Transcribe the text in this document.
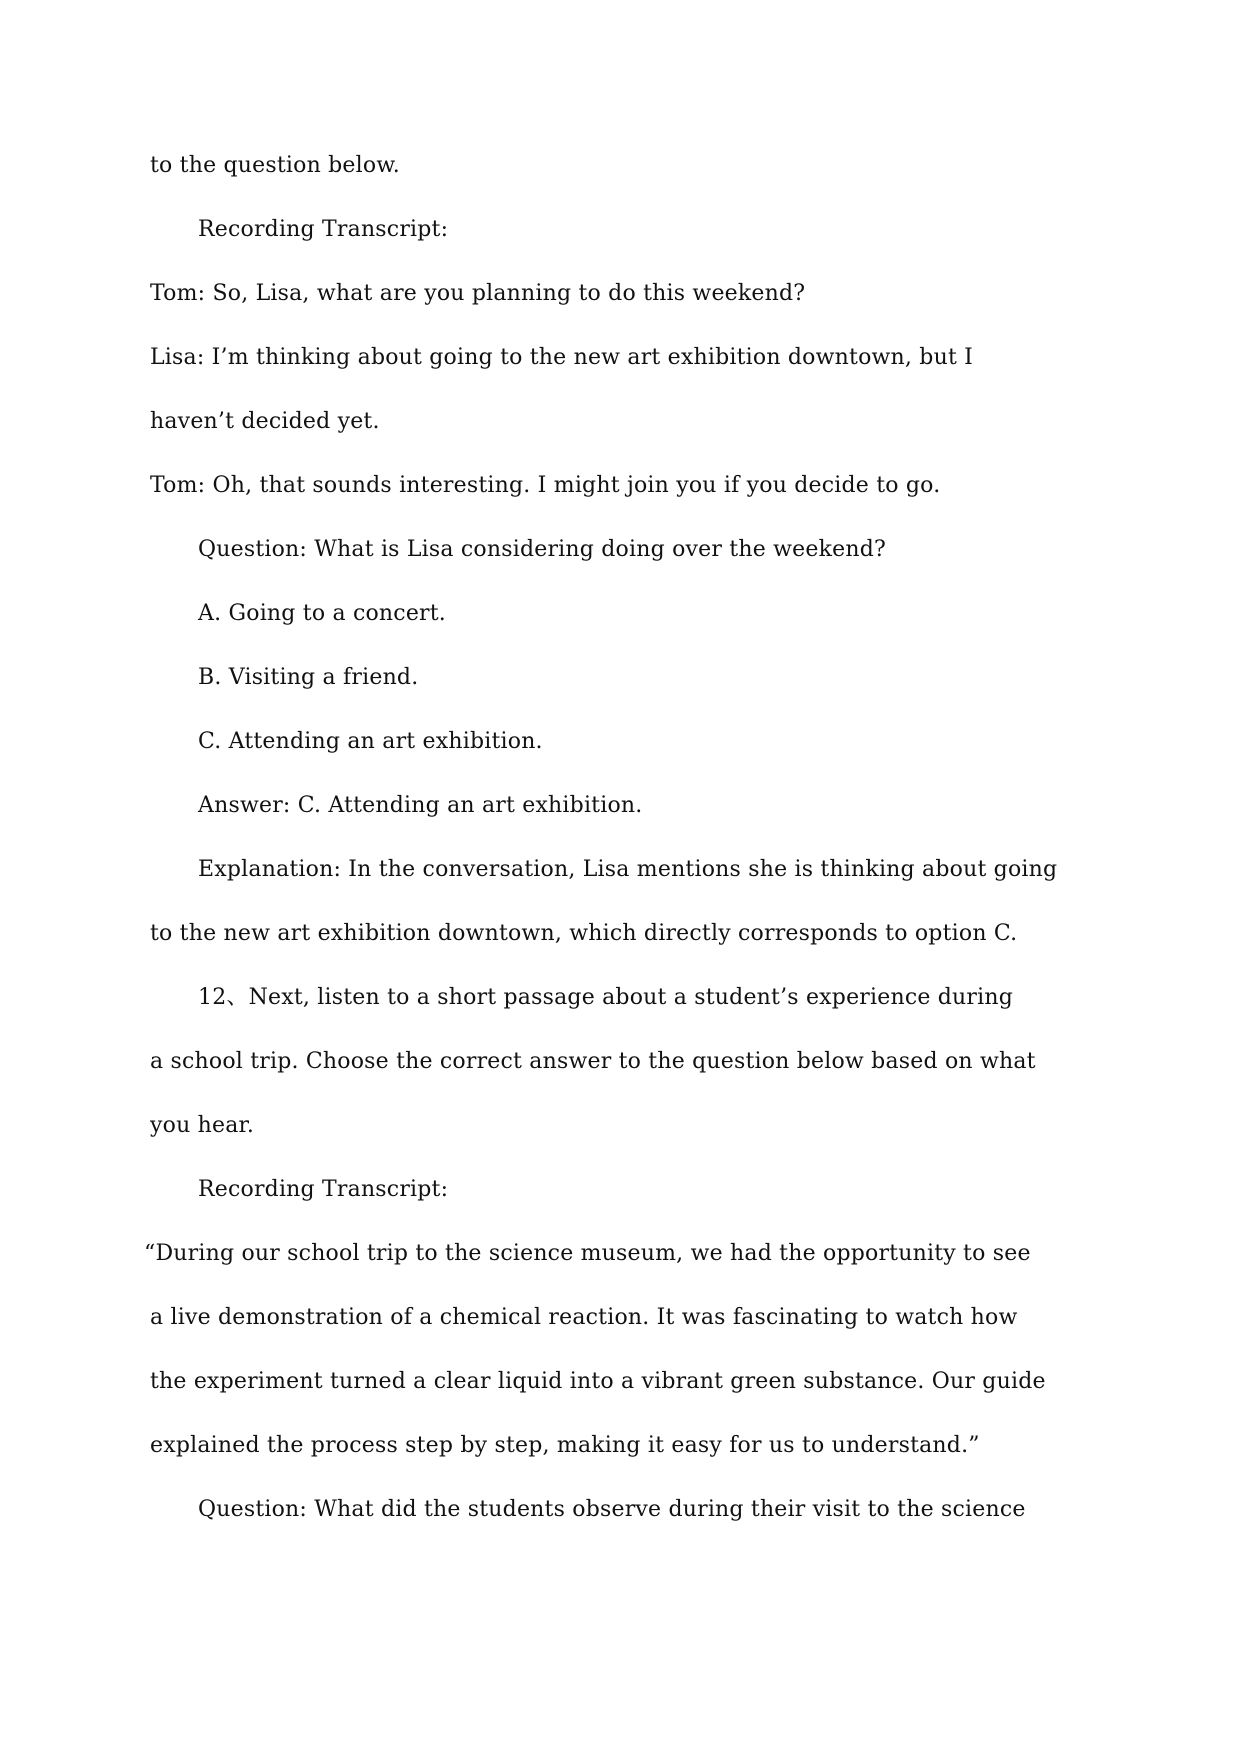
to the question below.
Recording Transcript:
Tom: So, Lisa, what are you planning to do this weekend?
Lisa: I’m thinking about going to the new art exhibition downtown, but I
haven’t decided yet.
Tom: Oh, that sounds interesting. I might join you if you decide to go.
Question: What is Lisa considering doing over the weekend?
A. Going to a concert.
B. Visiting a friend.
C. Attending an art exhibition.
Answer: C. Attending an art exhibition.
Explanation: In the conversation, Lisa mentions she is thinking about going
to the new art exhibition downtown, which directly corresponds to option C.
12、Next, listen to a short passage about a student’s experience during
a school trip. Choose the correct answer to the question below based on what
you hear.
Recording Transcript:
“During our school trip to the science museum, we had the opportunity to see
a live demonstration of a chemical reaction. It was fascinating to watch how
the experiment turned a clear liquid into a vibrant green substance. Our guide
explained the process step by step, making it easy for us to understand.”
Question: What did the students observe during their visit to the science
